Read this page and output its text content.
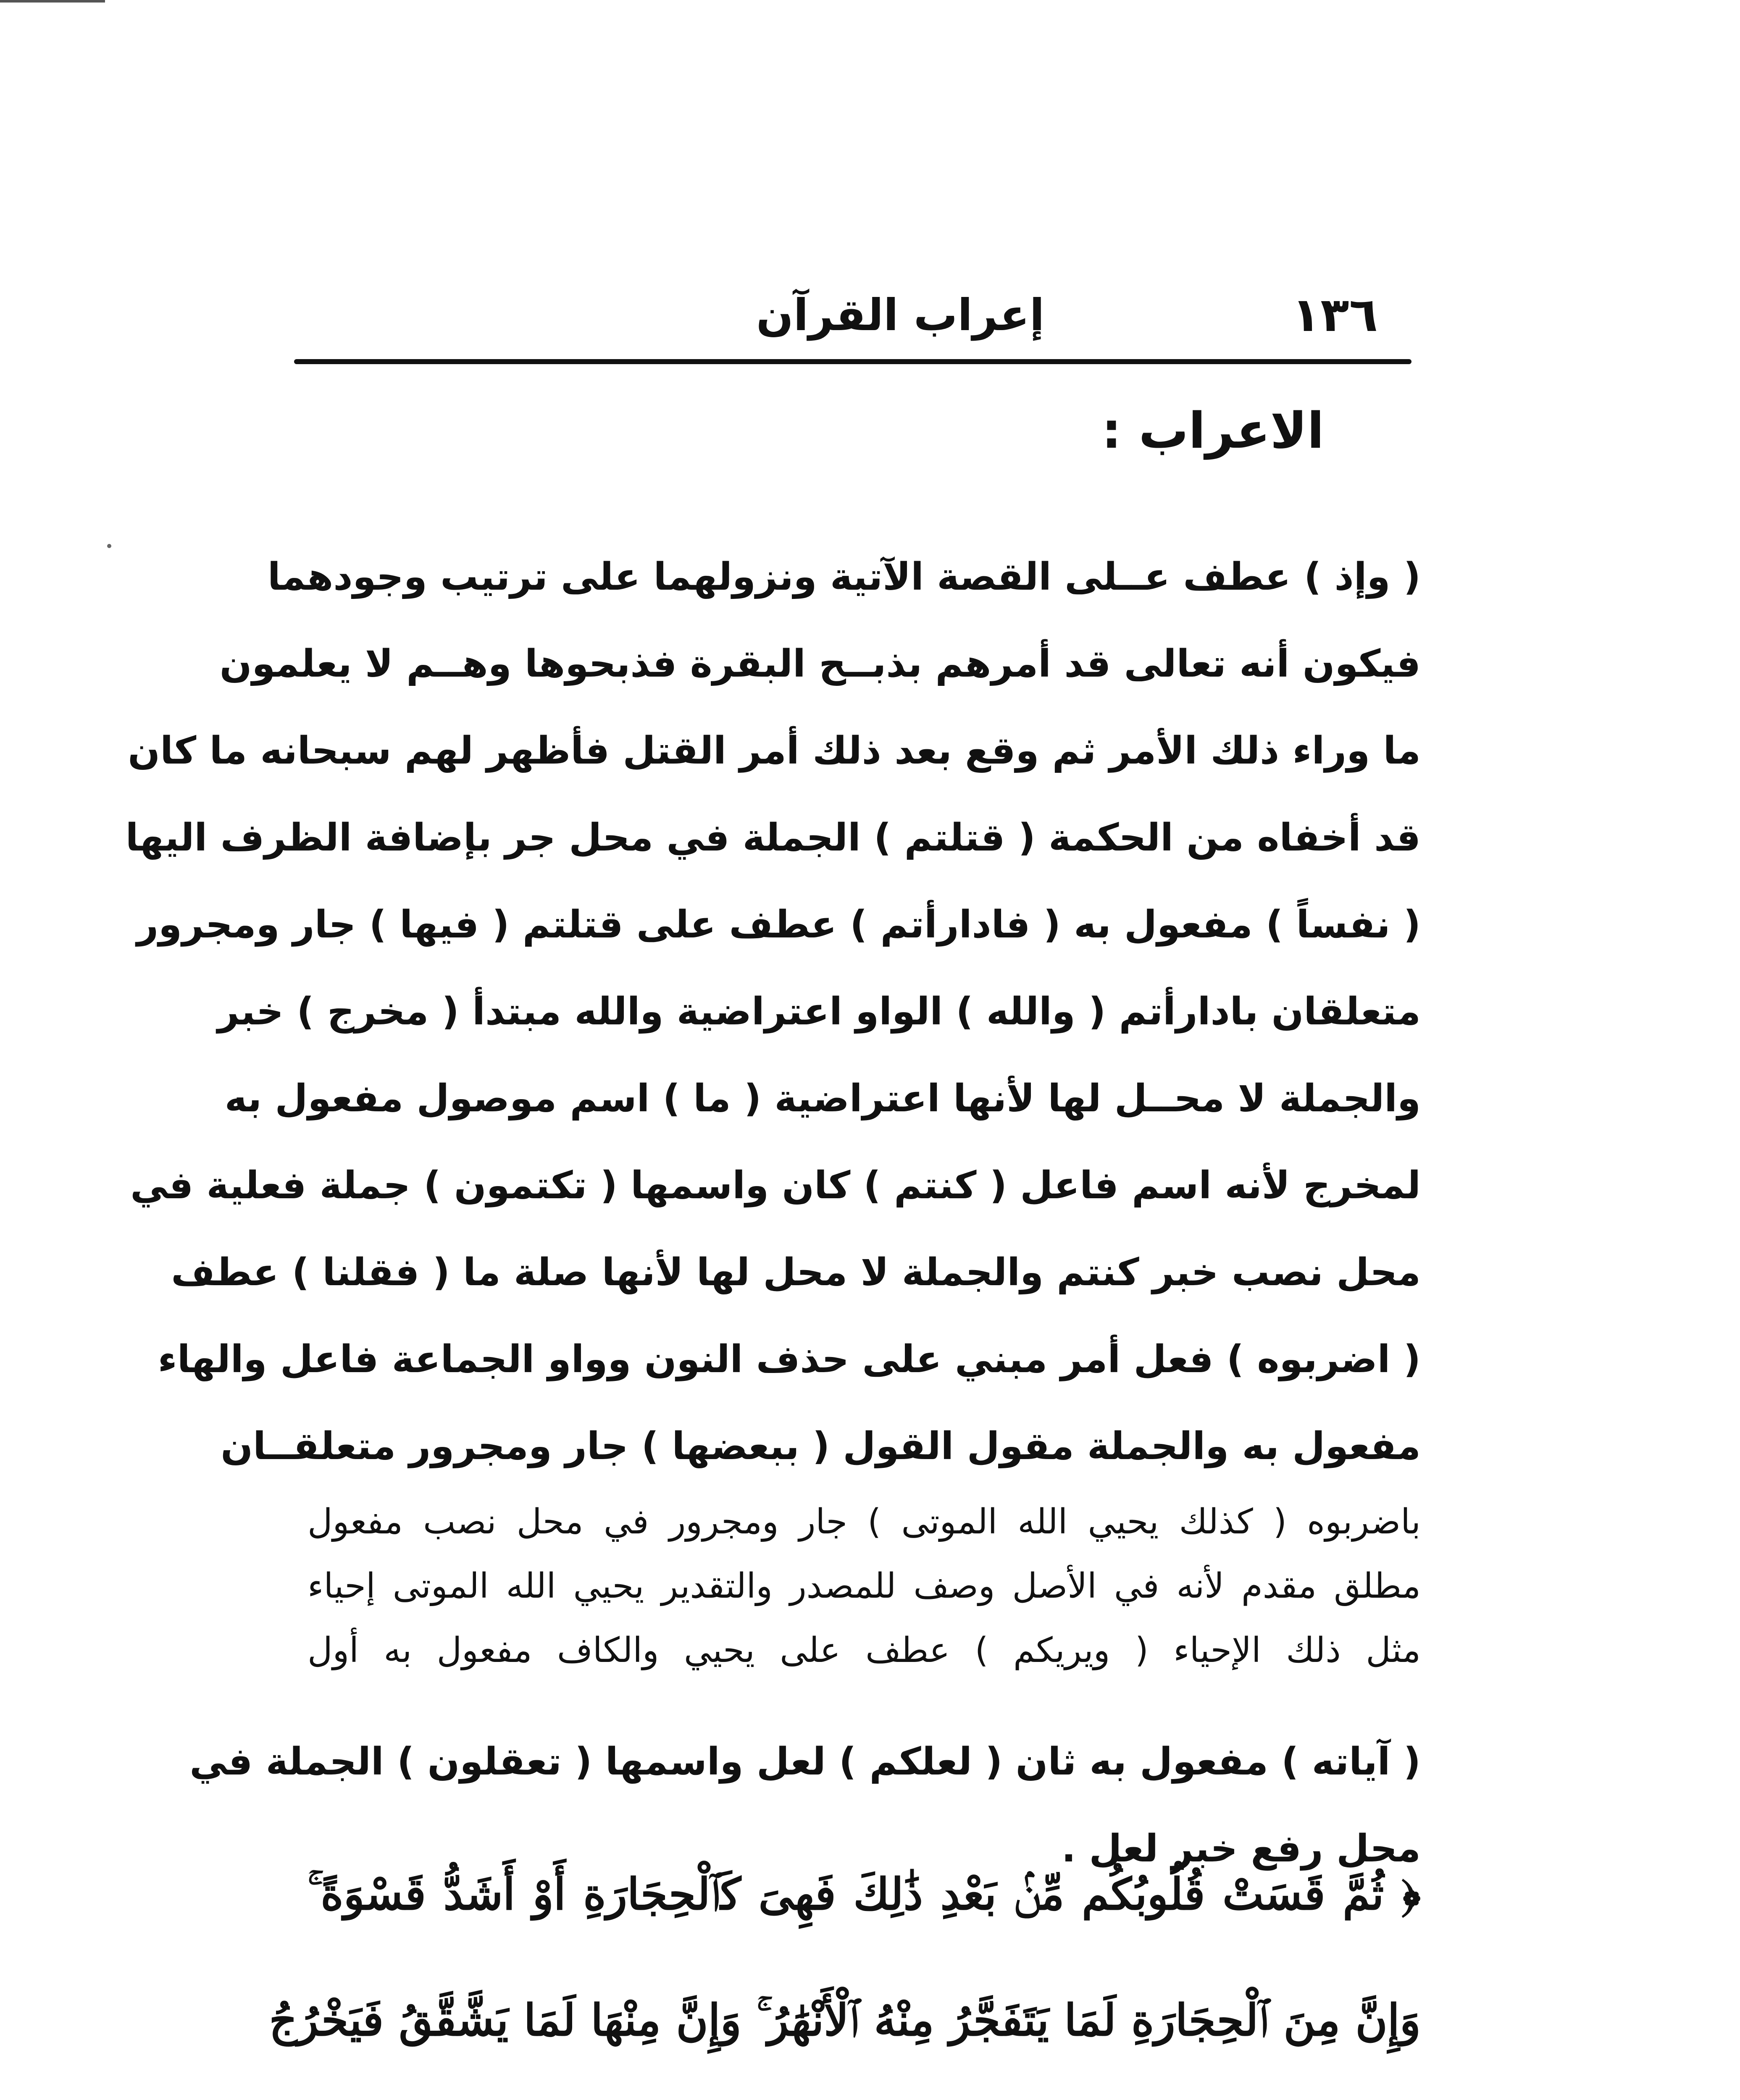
١٣٦
إعراب القرآن
الاعراب :
( وإذ ) عطف عــلى القصة الآتية ونزولهما على ترتيب وجودهما
فيكون أنه تعالى قد أمرهم بذبــح البقرة فذبحوها وهــم لا يعلمون
ما وراء ذلك الأمر ثم وقع بعد ذلك أمر القتل فأظهر لهم سبحانه ما كان
قد أخفاه من الحكمة ( قتلتم ) الجملة في محل جر بإضافة الظرف اليها
( نفساً ) مفعول به ( فادارأتم ) عطف على قتلتم ( فيها ) جار ومجرور
متعلقان بادارأتم ( والله ) الواو اعتراضية والله مبتدأ ( مخرج ) خبر
والجملة لا محــل لها لأنها اعتراضية ( ما ) اسم موصول مفعول به
لمخرج لأنه اسم فاعل ( كنتم ) كان واسمها ( تكتمون ) جملة فعلية في
محل نصب خبر كنتم والجملة لا محل لها لأنها صلة ما ( فقلنا ) عطف
( اضربوه ) فعل أمر مبني على حذف النون وواو الجماعة فاعل والهاء
مفعول به والجملة مقول القول ( ببعضها ) جار ومجرور متعلقــان
باضربوه ( كذلك يحيي الله الموتى ) جار ومجرور في محل نصب مفعول
مطلق مقدم لأنه في الأصل وصف للمصدر والتقدير يحيي الله الموتى إحياء
مثل ذلك الإحياء ( ويريكم ) عطف على يحيي والكاف مفعول به أول
( آياته ) مفعول به ثان ( لعلكم ) لعل واسمها ( تعقلون ) الجملة في
محل رفع خبر لعل .
﴿ ثُمَّ قَسَتْ قُلُوبُكُم مِّنۢ بَعْدِ ذَٰلِكَ فَهِىَ كَٱلْحِجَارَةِ أَوْ أَشَدُّ قَسْوَةً ۚ
وَإِنَّ مِنَ ٱلْحِجَارَةِ لَمَا يَتَفَجَّرُ مِنْهُ ٱلْأَنْهَٰرُ ۚ وَإِنَّ مِنْهَا لَمَا يَشَّقَّقُ فَيَخْرُجُ
